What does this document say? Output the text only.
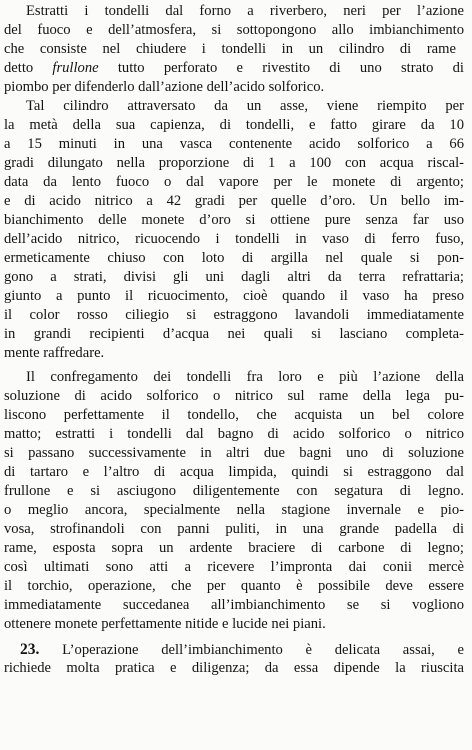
Estratti i tondelli dal forno a riverbero, neri per l’azione
del fuoco e dell’atmosfera, si sottopongono allo imbianchimento
che consiste nel chiudere i tondelli in un cilindro di rame
detto frullone tutto perforato e rivestito di uno strato di
piombo per difenderlo dall’azione dell’acido solforico.
Tal cilindro attraversato da un asse, viene riempito per
la metà della sua capienza, di tondelli, e fatto girare da 10
a 15 minuti in una vasca contenente acido solforico a 66
gradi dilungato nella proporzione di 1 a 100 con acqua riscal-
data da lento fuoco o dal vapore per le monete di argento;
e di acido nitrico a 42 gradi per quelle d’oro. Un bello im-
bianchimento delle monete d’oro si ottiene pure senza far uso
dell’acido nitrico, ricuocendo i tondelli in vaso di ferro fuso,
ermeticamente chiuso con loto di argilla nel quale si pon-
gono a strati, divisi gli uni dagli altri da terra refrattaria;
giunto a punto il ricuocimento, cioè quando il vaso ha preso
il color rosso ciliegio si estraggono lavandoli immediatamente
in grandi recipienti d’acqua nei quali si lasciano completa-
mente raffredare.
Il confregamento dei tondelli fra loro e più l’azione della
soluzione di acido solforico o nitrico sul rame della lega pu-
liscono perfettamente il tondello, che acquista un bel colore
matto; estratti i tondelli dal bagno di acido solforico o nitrico
si passano successivamente in altri due bagni uno di soluzione
di tartaro e l’altro di acqua limpida, quindi si estraggono dal
frullone e si asciugono diligentemente con segatura di legno.
o meglio ancora, specialmente nella stagione invernale e pio-
vosa, strofinandoli con panni puliti, in una grande padella di
rame, esposta sopra un ardente braciere di carbone di legno;
così ultimati sono atti a ricevere l’impronta dai conii mercè
il torchio, operazione, che per quanto è possibile deve essere
immediatamente succedanea all’imbianchimento se si vogliono
ottenere monete perfettamente nitide e lucide nei piani.
23. L’operazione dell’imbianchimento è delicata assai, e
richiede molta pratica e diligenza; da essa dipende la riuscita
